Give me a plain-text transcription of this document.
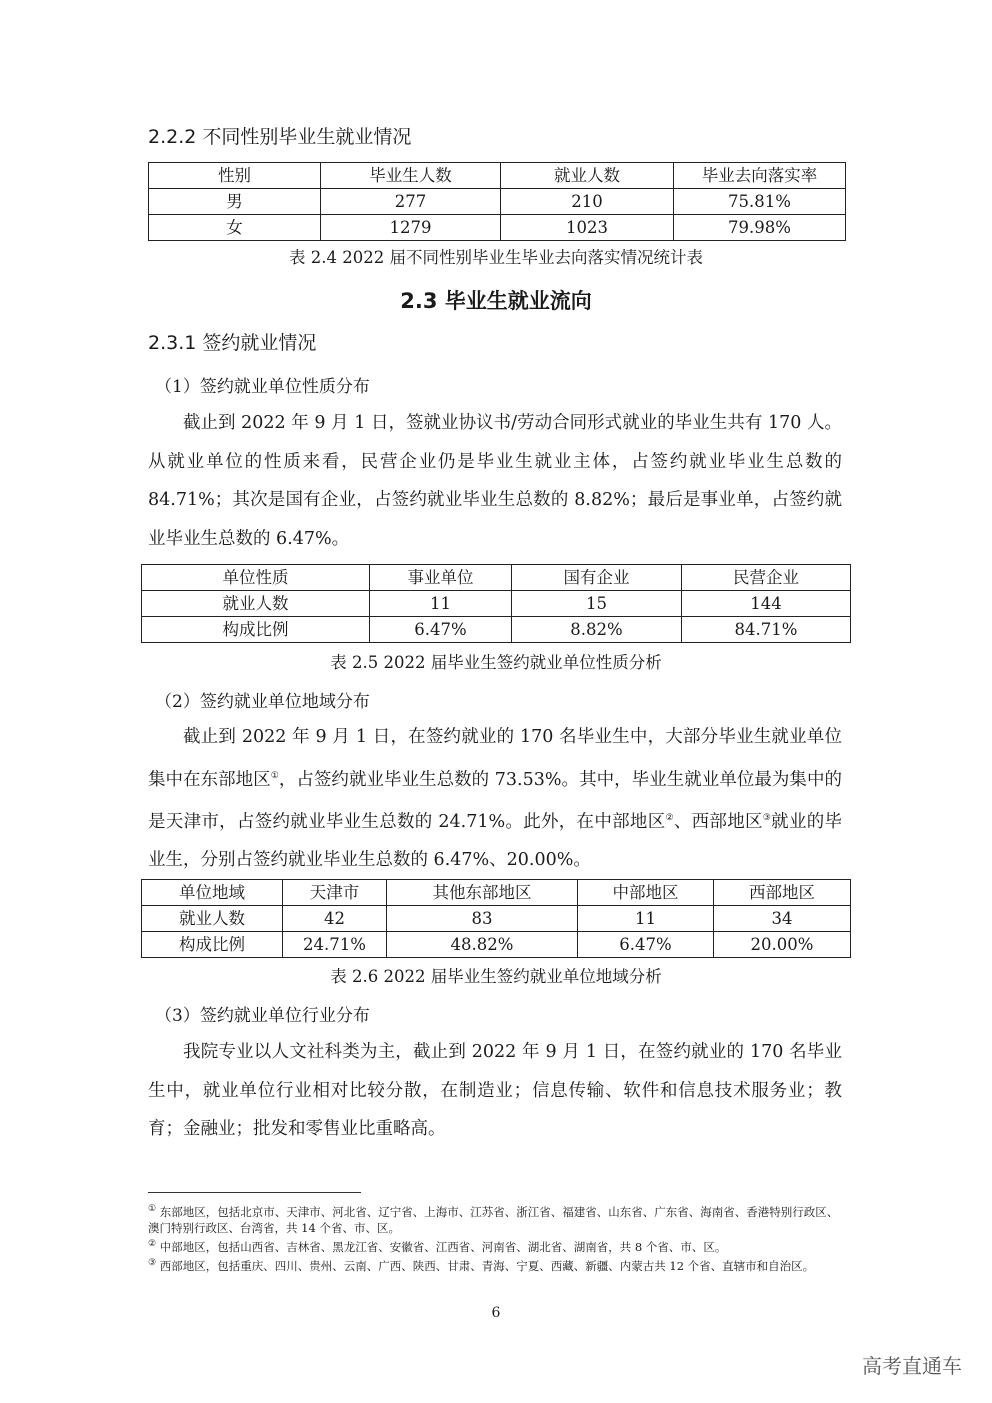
2.2.2 不同性别毕业生就业情况
性别	毕业生人数	就业人数	毕业去向落实率
男	277	210	75.81%
女	1279	1023	79.98%
表 2.4 2022 届不同性别毕业生毕业去向落实情况统计表
2.3 毕业生就业流向
2.3.1 签约就业情况
（1）签约就业单位性质分布

截止到 2022 年 9 月 1 日，签就业协议书/劳动合同形式就业的毕业生共有 170 人。从就业单位的性质来看，民营企业仍是毕业生就业主体，占签约就业毕业生总数的 84.71%；其次是国有企业，占签约就业毕业生总数的 8.82%；最后是事业单，占签约就业毕业生总数的 6.47%。

单位性质	事业单位	国有企业	民营企业
就业人数	11	15	144
构成比例	6.47%	8.82%	84.71%
表 2.5 2022 届毕业生签约就业单位性质分析
（2）签约就业单位地域分布

截止到 2022 年 9 月 1 日，在签约就业的 170 名毕业生中，大部分毕业生就业单位集中在东部地区①，占签约就业毕业生总数的 73.53%。其中，毕业生就业单位最为集中的是天津市，占签约就业毕业生总数的 24.71%。此外，在中部地区②、西部地区③就业的毕业生，分别占签约就业毕业生总数的 6.47%、20.00%。

单位地域	天津市	其他东部地区	中部地区	西部地区
就业人数	42	83	11	34
构成比例	24.71%	48.82%	6.47%	20.00%
表 2.6 2022 届毕业生签约就业单位地域分析
（3）签约就业单位行业分布

我院专业以人文社科类为主，截止到 2022 年 9 月 1 日，在签约就业的 170 名毕业生中，就业单位行业相对比较分散，在制造业；信息传输、软件和信息技术服务业；教育；金融业；批发和零售业比重略高。

① 东部地区，包括北京市、天津市、河北省、辽宁省、上海市、江苏省、浙江省、福建省、山东省、广东省、海南省、香港特别行政区、澳门特别行政区、台湾省，共 14 个省、市、区。
② 中部地区，包括山西省、吉林省、黑龙江省、安徽省、江西省、河南省、湖北省、湖南省，共 8 个省、市、区。
③ 西部地区，包括重庆、四川、贵州、云南、广西、陕西、甘肃、青海、宁夏、西藏、新疆、内蒙古共 12 个省、直辖市和自治区。
6
高考直通车
